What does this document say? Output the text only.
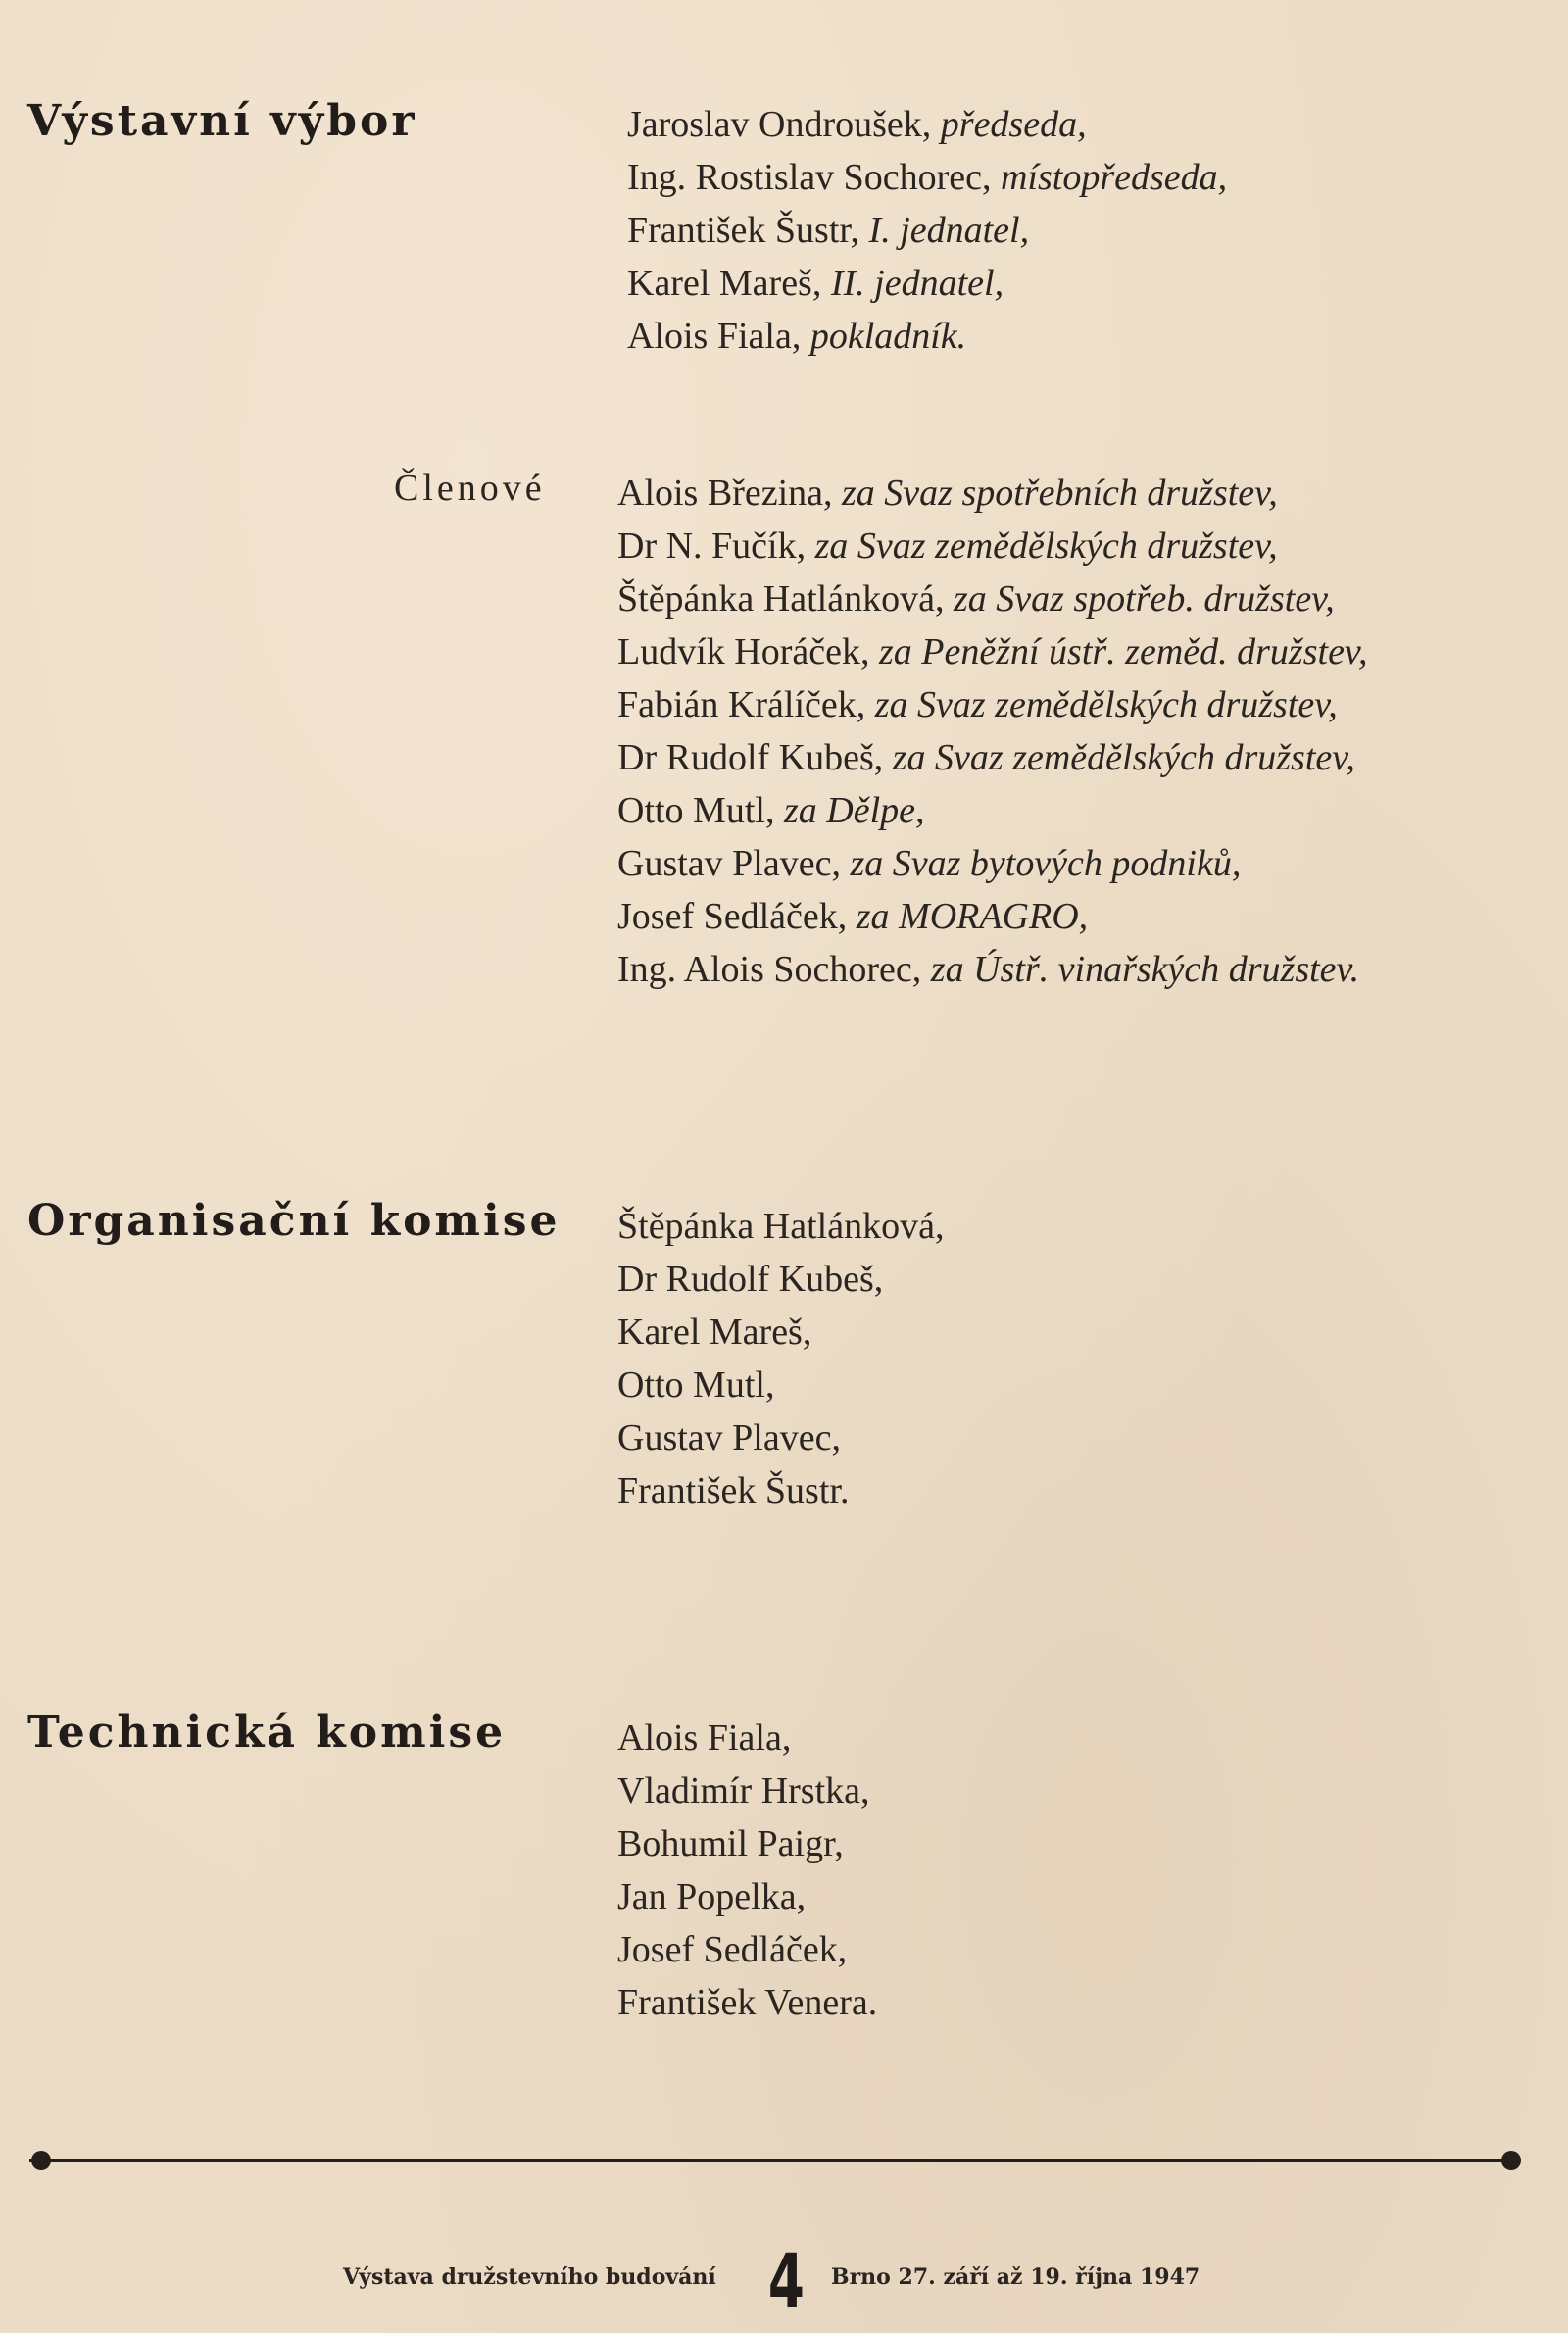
Výstavní výbor	Jaroslav Ondroušek, předseda,
Ing. Rostislav Sochorec, místopředseda,
František Šustr, I. jednatel,
Karel Mareš, II. jednatel,
Alois Fiala, pokladník.
Členové Alois Březina, za Svaz spotřebních družstev,
Dr N. Fučík, za Svaz zemědělských družstev,
Štěpánka Hatlánková, za Svaz spotřeb. družstev,
Ludvík Horáček, za Peněžní ústř. zeměd. družstev,
Fabián Králíček, za Svaz zemědělských družstev,
Dr Rudolf Kubeš, za Svaz zemědělských družstev,
Otto Mutl, za Dělpe,
Gustav Plavec, za Svaz bytových podniků,
Josef Sedláček, za MORAGRO,
Ing. Alois Sochorec, za Ústř. vinařských družstev.
Organisační komise Štěpánka Hatlánková,
Dr Rudolf Kubeš,
Karel Mareš,
Otto Mutl,
Gustav Plavec,
František Šustr.
Technická komise	Alois Fiala,
Vladimír Hrstka,
Bohumil Paigr,
Jan Popelka,
Josef Sedláček,
František Venera.
Výstava družstevního budování 4 Brno 27. září až 19. října 1947
